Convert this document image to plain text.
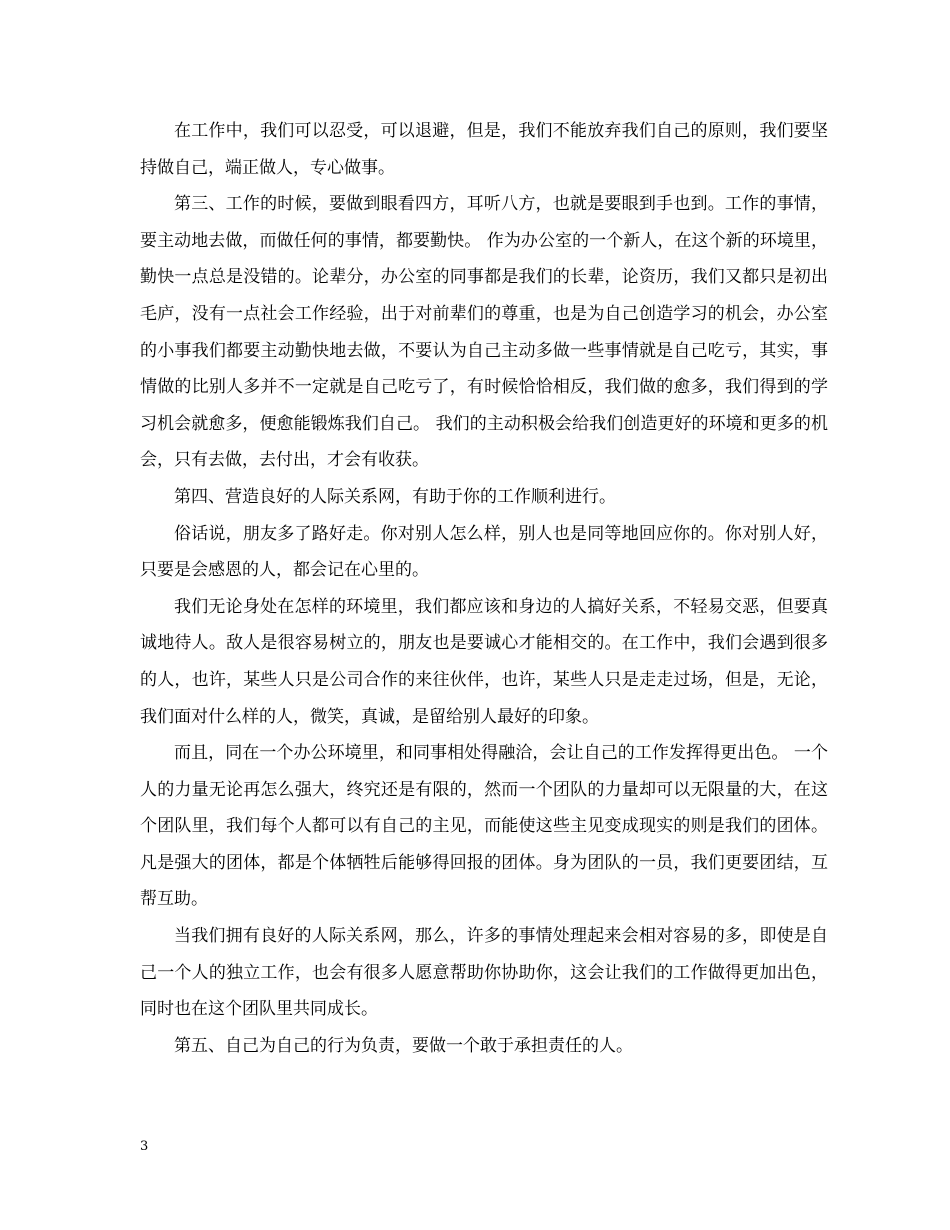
在工作中，我们可以忍受，可以退避，但是，我们不能放弃我们自己的原则，我们要坚持做自己，端正做人，专心做事。

第三、工作的时候，要做到眼看四方，耳听八方，也就是要眼到手也到。工作的事情，要主动地去做，而做任何的事情，都要勤快。 作为办公室的一个新人，在这个新的环境里，勤快一点总是没错的。论辈分，办公室的同事都是我们的长辈，论资历，我们又都只是初出毛庐，没有一点社会工作经验，出于对前辈们的尊重，也是为自己创造学习的机会，办公室的小事我们都要主动勤快地去做，不要认为自己主动多做一些事情就是自己吃亏，其实，事情做的比别人多并不一定就是自己吃亏了，有时候恰恰相反，我们做的愈多，我们得到的学习机会就愈多，便愈能锻炼我们自己。 我们的主动积极会给我们创造更好的环境和更多的机会，只有去做，去付出，才会有收获。

第四、营造良好的人际关系网，有助于你的工作顺利进行。

俗话说，朋友多了路好走。你对别人怎么样，别人也是同等地回应你的。你对别人好，只要是会感恩的人，都会记在心里的。

我们无论身处在怎样的环境里，我们都应该和身边的人搞好关系，不轻易交恶，但要真诚地待人。敌人是很容易树立的，朋友也是要诚心才能相交的。在工作中，我们会遇到很多的人，也许，某些人只是公司合作的来往伙伴，也许，某些人只是走走过场，但是，无论，我们面对什么样的人，微笑，真诚，是留给别人最好的印象。

而且，同在一个办公环境里，和同事相处得融洽，会让自己的工作发挥得更出色。 一个人的力量无论再怎么强大，终究还是有限的，然而一个团队的力量却可以无限量的大，在这个团队里，我们每个人都可以有自己的主见，而能使这些主见变成现实的则是我们的团体。凡是强大的团体，都是个体牺牲后能够得回报的团体。身为团队的一员，我们更要团结，互帮互助。

当我们拥有良好的人际关系网，那么，许多的事情处理起来会相对容易的多，即使是自己一个人的独立工作，也会有很多人愿意帮助你协助你，这会让我们的工作做得更加出色，同时也在这个团队里共同成长。

第五、自己为自己的行为负责，要做一个敢于承担责任的人。

3
